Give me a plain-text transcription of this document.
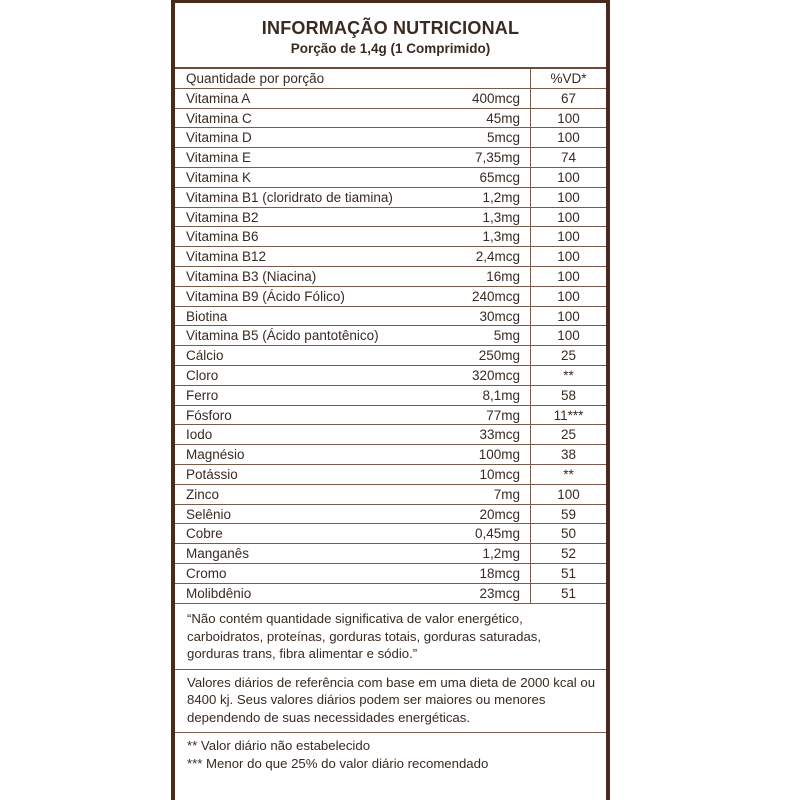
INFORMAÇÃO NUTRICIONAL
Porção de 1,4g (1 Comprimido)
Quantidade por porção	%VD*
Vitamina A	400mcg	67
Vitamina C	45mg	100
Vitamina D	5mcg	100
Vitamina E	7,35mg	74
Vitamina K	65mcg	100
Vitamina B1 (cloridrato de tiamina)	1,2mg	100
Vitamina B2	1,3mg	100
Vitamina B6	1,3mg	100
Vitamina B12	2,4mcg	100
Vitamina B3 (Niacina)	16mg	100
Vitamina B9 (Ácido Fólico)	240mcg	100
Biotina	30mcg	100
Vitamina B5 (Ácido pantotênico)	5mg	100
Cálcio	250mg	25
Cloro	320mcg	**
Ferro	8,1mg	58
Fósforo	77mg	11***
Iodo	33mcg	25
Magnésio	100mg	38
Potássio	10mcg	**
Zinco	7mg	100
Selênio	20mcg	59
Cobre	0,45mg	50
Manganês	1,2mg	52
Cromo	18mcg	51
Molibdênio	23mcg	51
“Não contém quantidade significativa de valor energético, carboidratos, proteínas, gorduras totais, gorduras saturadas, gorduras trans, fibra alimentar e sódio.”
Valores diários de referência com base em uma dieta de 2000 kcal ou 8400 kj. Seus valores diários podem ser maiores ou menores dependendo de suas necessidades energéticas.
** Valor diário não estabelecido
*** Menor do que 25% do valor diário recomendado
